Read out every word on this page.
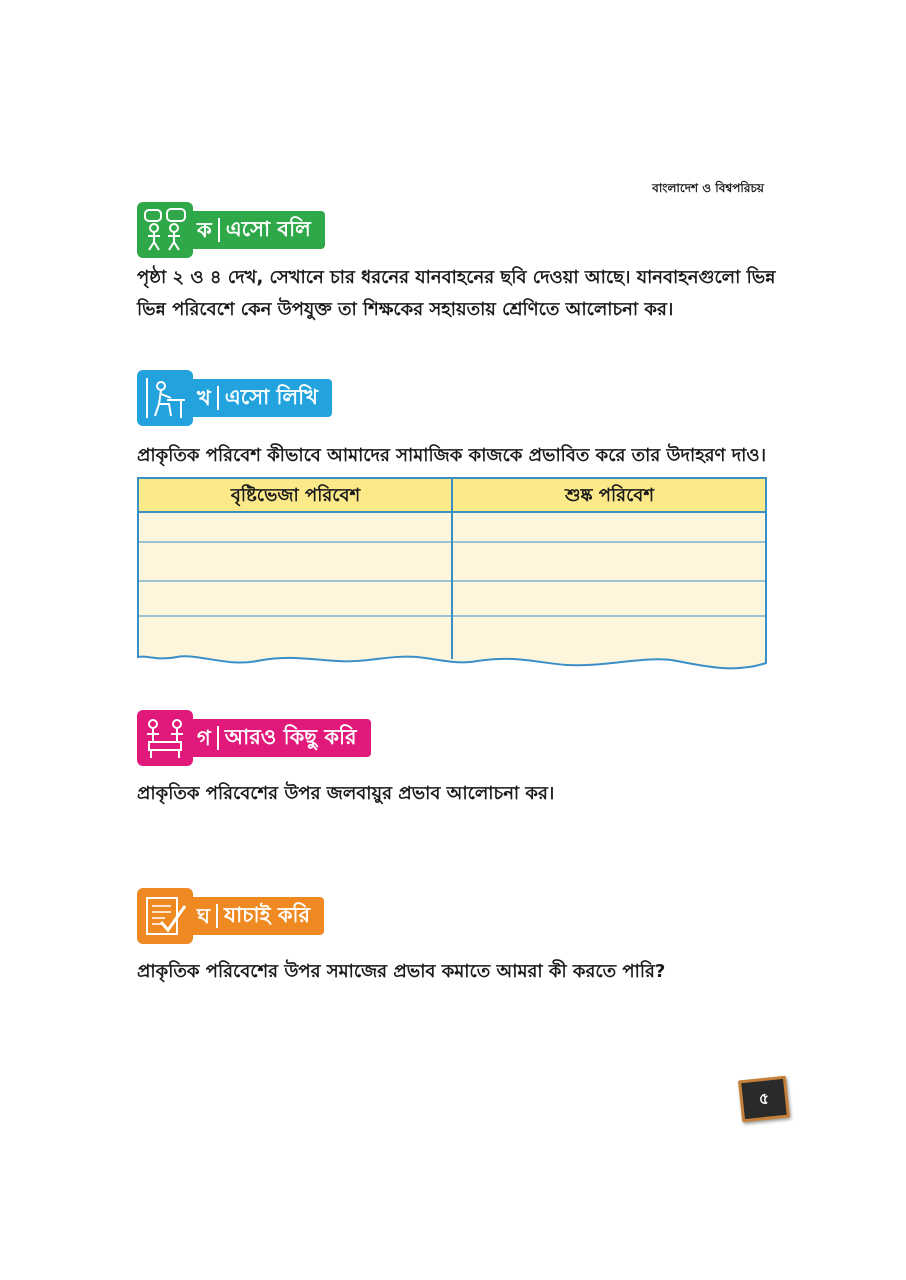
বাংলাদেশ ও বিশ্বপরিচয়
ক এসো বলি
পৃষ্ঠা ২ ও ৪ দেখ, সেখানে চার ধরনের যানবাহনের ছবি দেওয়া আছে। যানবাহনগুলো ভিন্ন ভিন্ন পরিবেশে কেন উপযুক্ত তা শিক্ষকের সহায়তায় শ্রেণিতে আলোচনা কর।
খ এসো লিখি
প্রাকৃতিক পরিবেশ কীভাবে আমাদের সামাজিক কাজকে প্রভাবিত করে তার উদাহরণ দাও।
বৃষ্টিভেজা পরিবেশ	শুষ্ক পরিবেশ
গ আরও কিছু করি
প্রাকৃতিক পরিবেশের উপর জলবায়ুর প্রভাব আলোচনা কর।
ঘ যাচাই করি
প্রাকৃতিক পরিবেশের উপর সমাজের প্রভাব কমাতে আমরা কী করতে পারি?
৫
